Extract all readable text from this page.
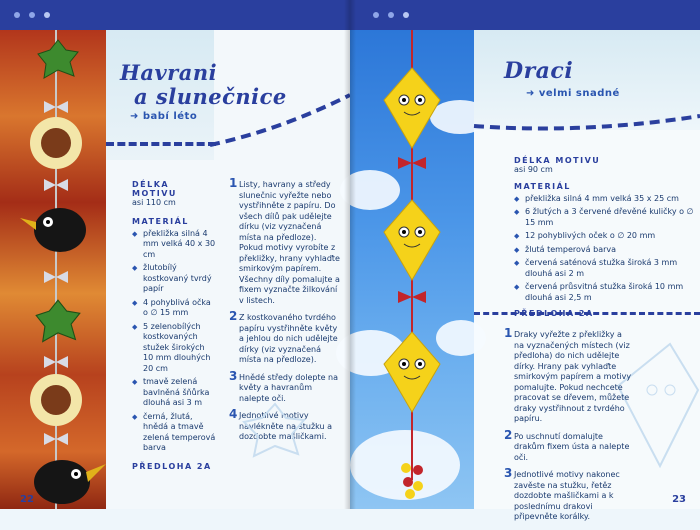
Havrani
a slunečnice
➜ babí léto
DÉLKA
MOTIVU
asi 110 cm
MATERIÁL
◆ překližka silná 4 mm velká 40 x 30 cm
◆ žlutobílý kostkovaný tvrdý papír
◆ 4 pohyblivá očka o ∅ 15 mm
◆ 5 zelenobílých kostkovaných stužek širokých 10 mm dlouhých 20 cm
◆ tmavě zelená bavlněná šňůrka dlouhá asi 3 m
◆ černá, žlutá, hnědá a tmavě zelená temperová barva
PŘEDLOHA 2A
1 Listy, havrany a středy slunečnic vyřežte nebo vystřihněte z papíru. Do všech dílů pak udělejte dírku (viz vyznačená místa na předloze). Pokud motivy vyrobíte z překližky, hrany vyhlaďte smirkovým papírem. Všechny díly pomalujte a fixem vyznačte žilkování v listech.
2 Z kostkovaného tvrdého papíru vystřihněte květy a jehlou do nich udělejte dírky (viz vyznačená místa na předloze).
3 Hnědé středy dolepte na květy a havranům nalepte oči.
4 Jednotlivé motivy navlékněte na stužku a dozdobte mašličkami.
22
Draci
➜ velmi snadné
DÉLKA MOTIVU
asi 90 cm
MATERIÁL
◆ překližka silná 4 mm velká 35 x 25 cm
◆ 6 žlutých a 3 červené dřevěné kuličky o ∅ 15 mm
◆ 12 pohyblivých oček o ∅ 20 mm
◆ žlutá temperová barva
◆ červená saténová stužka široká 3 mm dlouhá asi 2 m
◆ červená průsvitná stužka široká 10 mm dlouhá asi 2,5 m
PŘEDLOHA 2A
1 Draky vyřežte z překližky a na vyznačených místech (viz předloha) do nich udělejte dírky. Hrany pak vyhlaďte smirkovým papírem a motivy pomalujte. Pokud nechcete pracovat se dřevem, můžete draky vystřihnout z tvrdého papíru.
2 Po uschnutí domalujte drakům fixem ústa a nalepte oči.
3 Jednotlivé motivy nakonec zavěste na stužku, řetěz dozdobte mašličkami a k poslednímu drakovi připevněte korálky.
23
